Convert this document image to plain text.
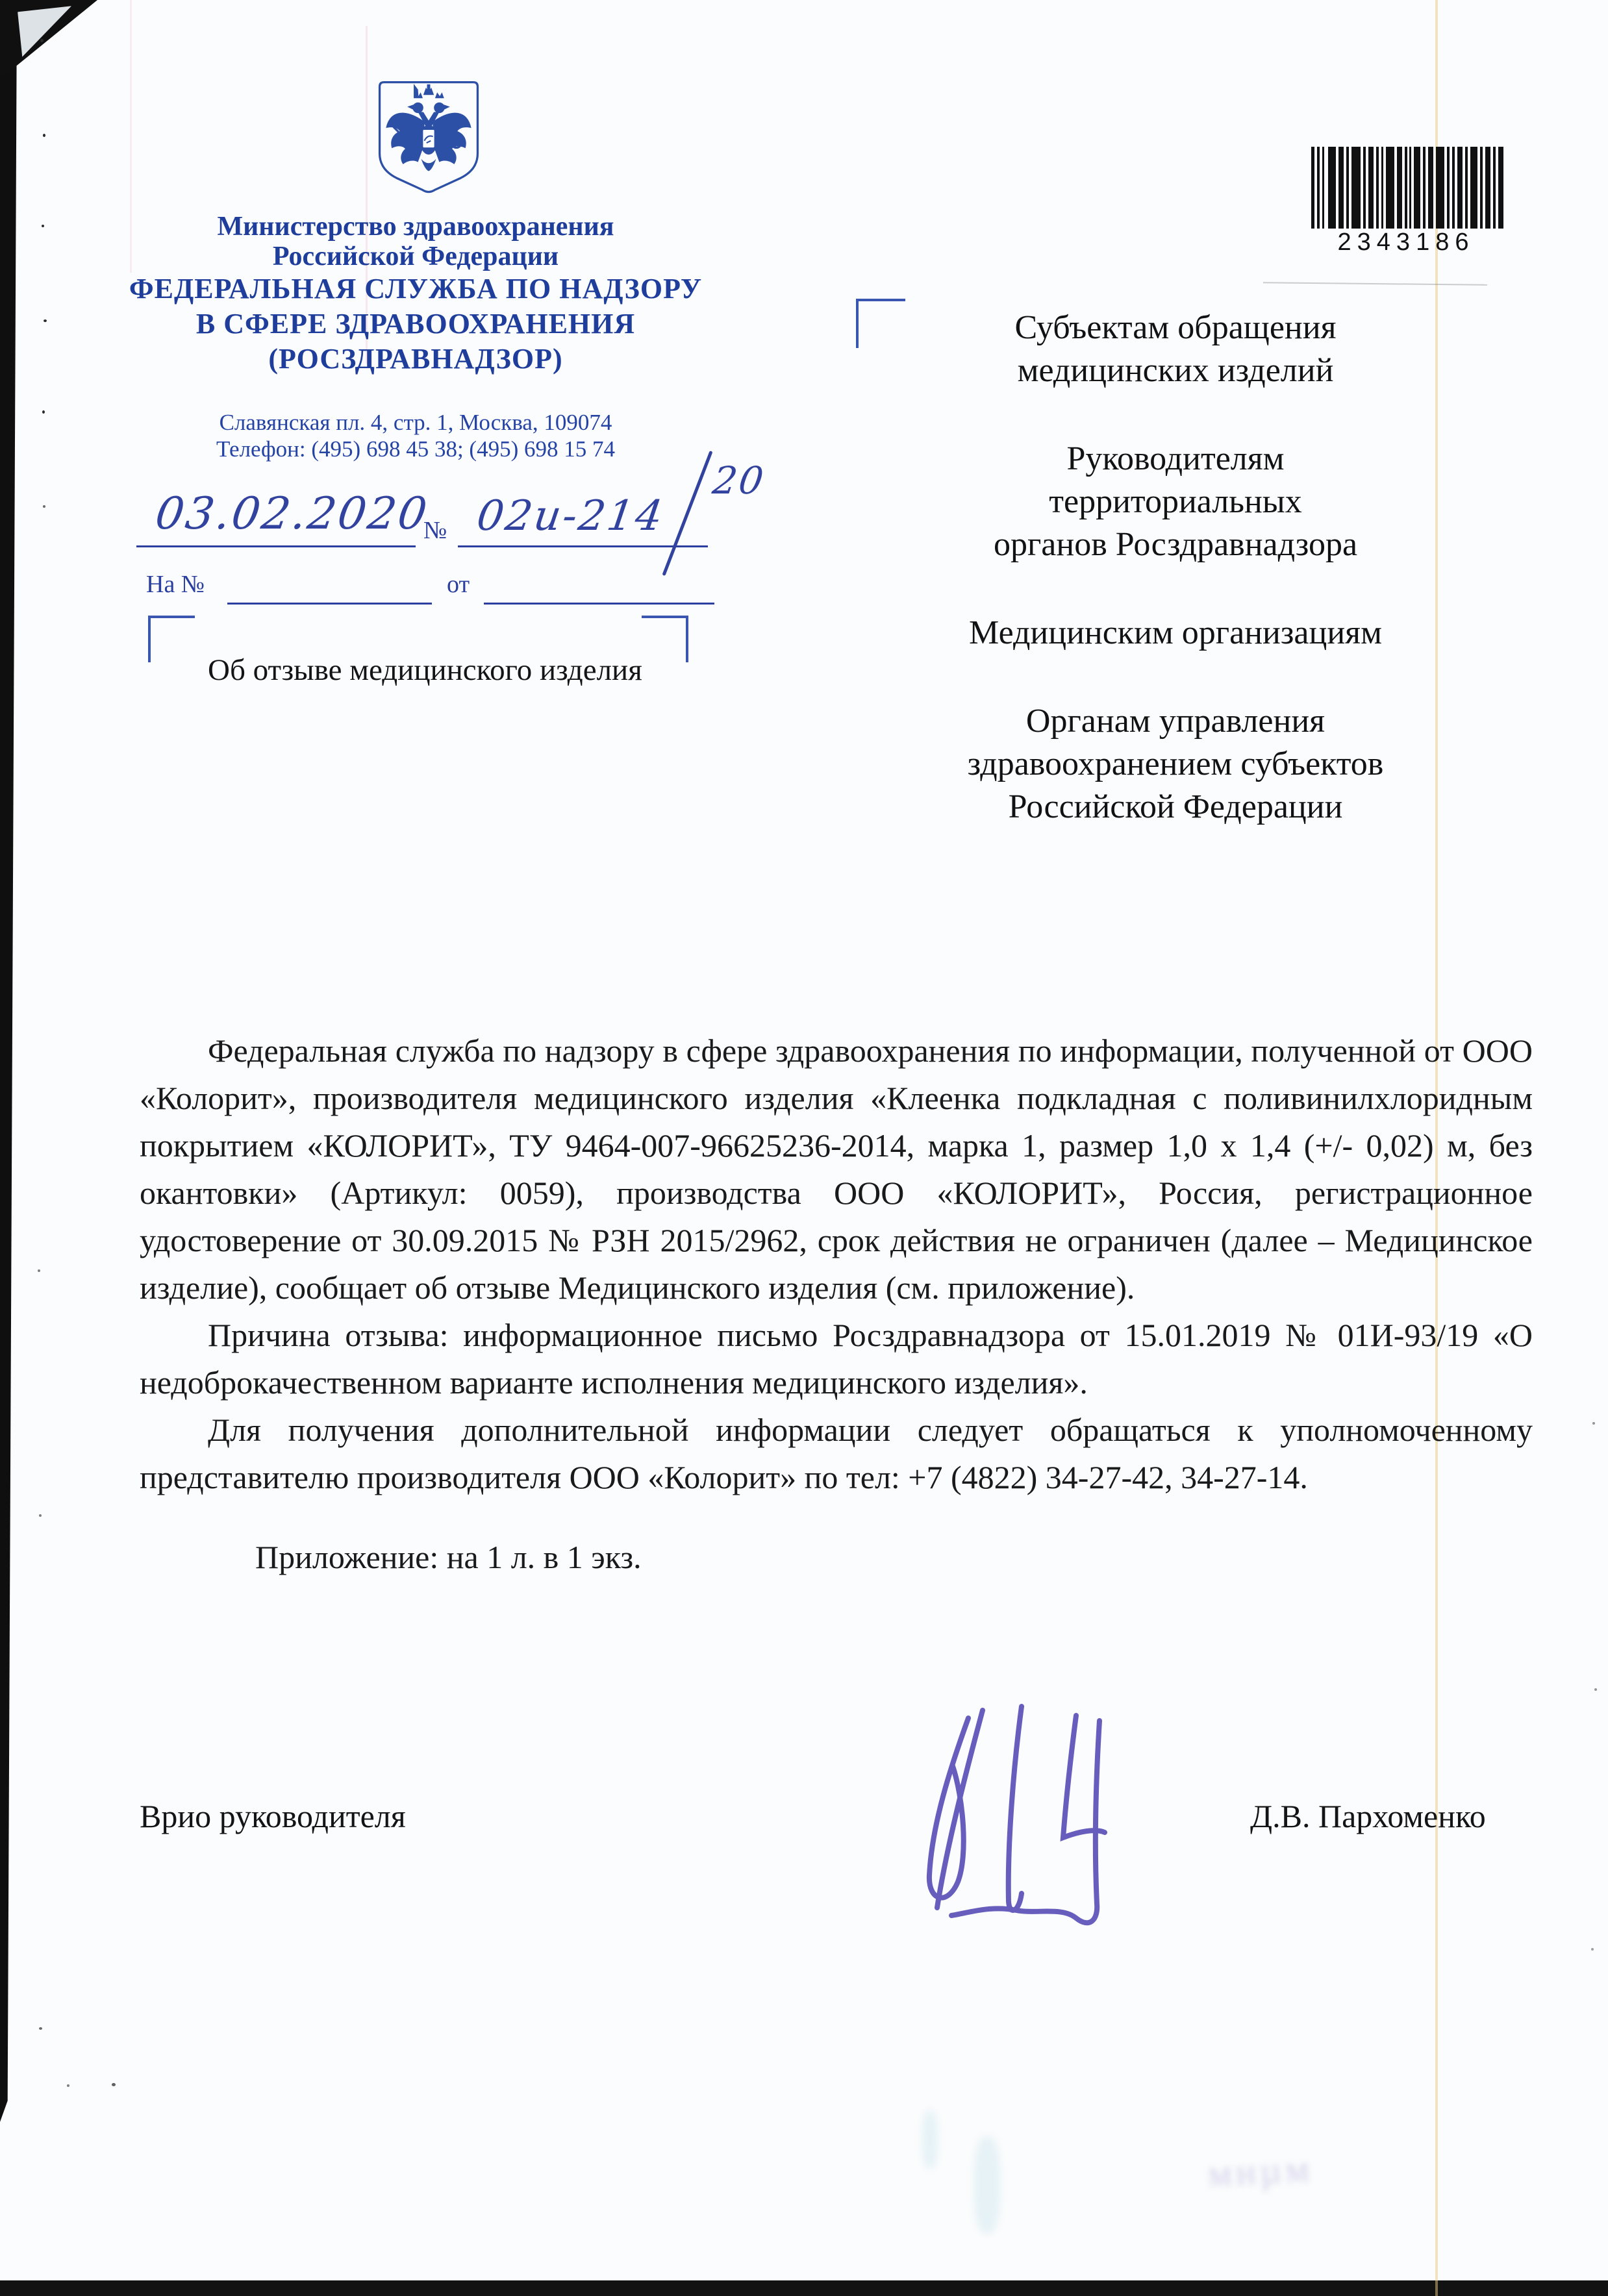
2343186
Министерство здравоохранения
Российской Федерации
ФЕДЕРАЛЬНАЯ СЛУЖБА ПО НАДЗОРУ
В СФЕРЕ ЗДРАВООХРАНЕНИЯ
(РОСЗДРАВНАДЗОР)
Славянская пл. 4, стр. 1, Москва, 109074
Телефон: (495) 698 45 38; (495) 698 15 74
03.02.2020
№ 02и-214
20
На №	от
Об отзыве медицинского изделия
Субъектам обращения
медицинских изделий
Руководителям
территориальных
органов Росздравнадзора
Медицинским организациям
Органам управления
здравоохранением субъектов
Российской Федерации

Федеральная служба по надзору в сфере здравоохранения по информации, полученной от ООО «Колорит», производителя медицинского изделия «Клеенка подкладная с поливинилхлоридным покрытием «КОЛОРИТ», ТУ 9464-007-96625236-2014, марка 1, размер 1,0 х 1,4 (+/- 0,02) м, без окантовки» (Артикул: 0059), производства ООО «КОЛОРИТ», Россия, регистрационное удостоверение от 30.09.2015 № РЗН 2015/2962, срок действия не ограничен (далее – Медицинское изделие), сообщает об отзыве Медицинского изделия (см. приложение).

Причина отзыва: информационное письмо Росздравнадзора от 15.01.2019 № 01И-93/19 «О недоброкачественном варианте исполнения медицинского изделия».

Для получения дополнительной информации следует обращаться к уполномоченному представителю производителя ООО «Колорит» по тел: +7 (4822) 34-27-42, 34-27-14.

Приложение: на 1 л. в 1 экз.

Врио руководителя	Д.В. Пархоменко
мнµм
